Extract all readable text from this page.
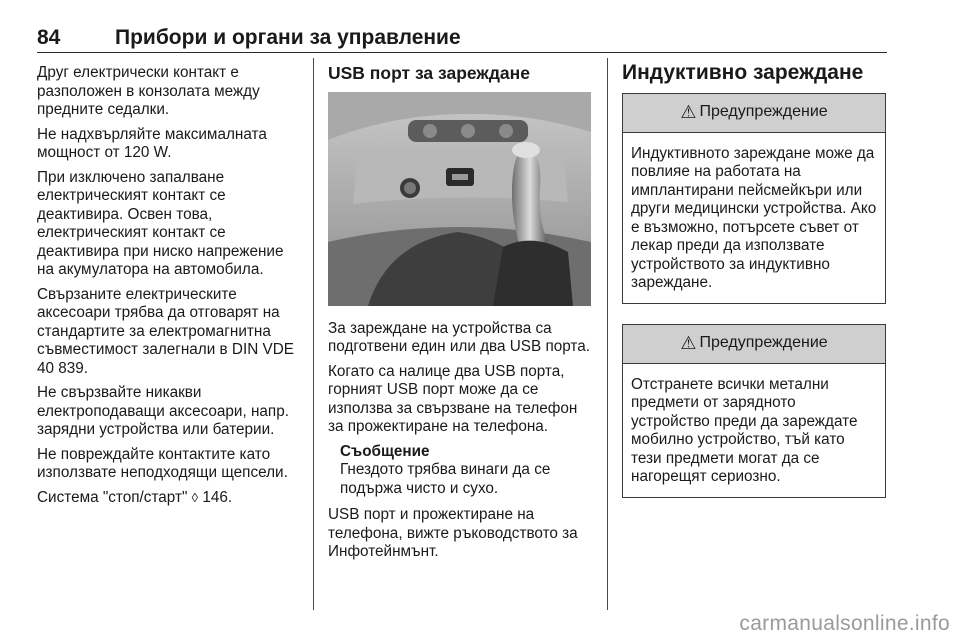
84	Прибори и органи за управление

Друг електрически контакт е разположен в конзолата между предните седалки.

Не надхвърляйте максималната мощност от 120 W.

При изключено запалване електрическият контакт се деактивира. Освен това, електрическият контакт се деактивира при ниско напрежение на акумулатора на автомобила.

Свързаните електрическите аксесоари трябва да отговарят на стандартите за електромагнитна съвместимост залегнали в DIN VDE 40 839.

Не свързвайте никакви електроподаващи аксесоари, напр. зарядни устройства или батерии.

Не повреждайте контактите като използвате неподходящи щепсели.

Система "стоп/старт" ◊ 146.

USB порт за зареждане

За зареждане на устройства са подготвени един или два USB порта.

Когато са налице два USB порта, горният USB порт може да се използва за свързване на телефон за прожектиране на телефона.

Съобщение
Гнездото трябва винаги да се подържа чисто и сухо.

USB порт и прожектиране на телефона, вижте ръководството за Инфотейнмънт.

Индуктивно зареждане
⚠ Предупреждение
Индуктивното зареждане може да повлияе на работата на имплантирани пейсмейкъри или други медицински устройства. Ако е възможно, потърсете съвет от лекар преди да използвате устройството за индуктивно зареждане.
⚠ Предупреждение
Отстранете всички метални предмети от зарядното устройство преди да зареждате мобилно устройство, тъй като тези предмети могат да се нагорещят сериозно.
carmanualsonline.info
